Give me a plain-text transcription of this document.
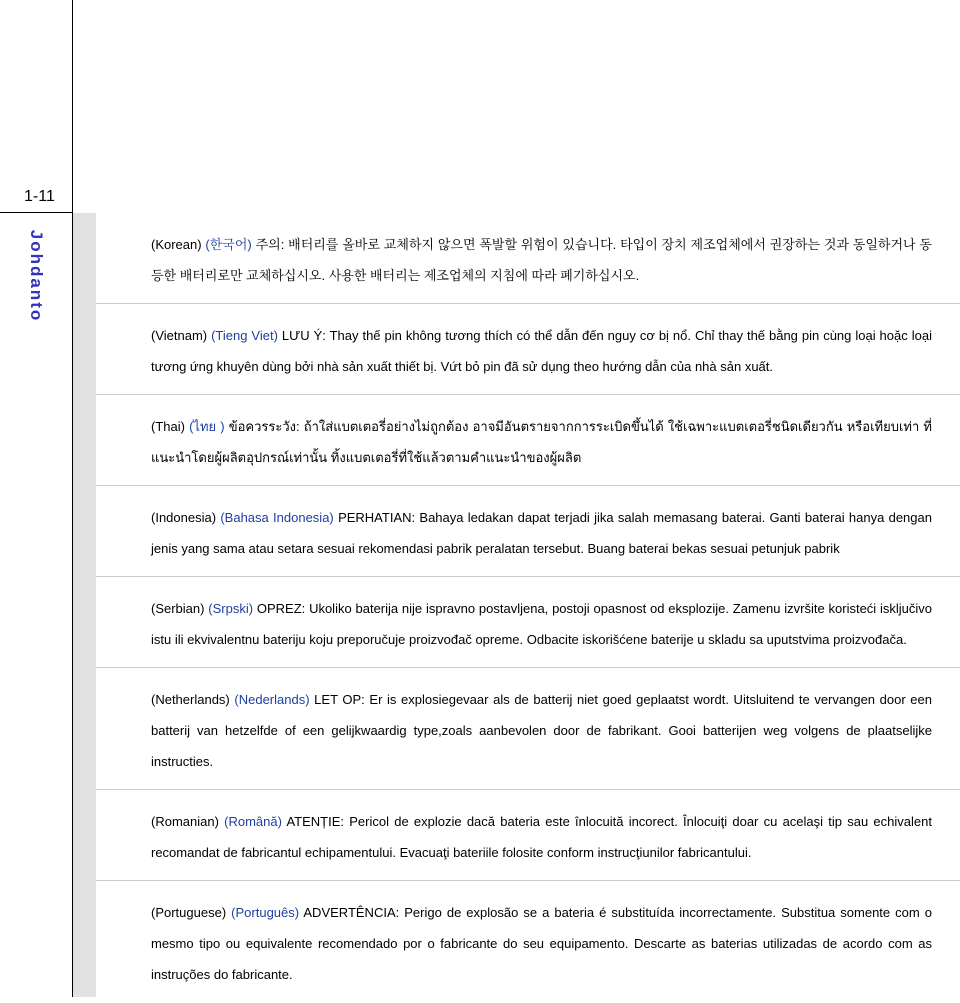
1-11
Johdanto	(Korean) (한국어) 주의: 배터리를 올바로 교체하지 않으면 폭발할 위험이 있습니다. 타입이 장치 제조업체에서 권장하는 것과 동일하거나 동등한 배터리로만 교체하십시오. 사용한 배터리는 제조업체의 지침에 따라 폐기하십시오.

(Vietnam) (Tieng Viet) LƯU Ý: Thay thế pin không tương thích có thể dẫn đến nguy cơ bị nổ. Chỉ thay thế bằng pin cùng loại hoặc loại tương ứng khuyên dùng bởi nhà sản xuất thiết bị. Vứt bỏ pin đã sử dụng theo hướng dẫn của nhà sản xuất.

(Thai) (ไทย ) ข้อควรระวัง: ถ้าใส่แบตเตอรี่อย่างไม่ถูกต้อง อาจมีอันตรายจากการระเบิดขึ้นได้ ใช้เฉพาะแบตเตอรี่ชนิดเดียวกัน หรือเทียบเท่า ที่แนะนำโดยผู้ผลิตอุปกรณ์เท่านั้น ทิ้งแบตเตอรี่ที่ใช้แล้วตามคำแนะนำของผู้ผลิต

(Indonesia) (Bahasa Indonesia) PERHATIAN: Bahaya ledakan dapat terjadi jika salah memasang baterai. Ganti baterai hanya dengan jenis yang sama atau setara sesuai rekomendasi pabrik peralatan tersebut. Buang baterai bekas sesuai petunjuk pabrik

(Serbian) (Srpski) OPREZ: Ukoliko baterija nije ispravno postavljena, postoji opasnost od eksplozije. Zamenu izvršite koristeći isključivo istu ili ekvivalentnu bateriju koju preporučuje proizvođač opreme. Odbacite iskorišćene baterije u skladu sa uputstvima proizvođača.

(Netherlands) (Nederlands) LET OP: Er is explosiegevaar als de batterij niet goed geplaatst wordt. Uitsluitend te vervangen door een batterij van hetzelfde of een gelijkwaardig type,zoals aanbevolen door de fabrikant. Gooi batterijen weg volgens de plaatselijke instructies.

(Romanian) (Română) ATENȚIE: Pericol de explozie dacă bateria este înlocuită incorect. Înlocuiţi doar cu acelaşi tip sau echivalent recomandat de fabricantul echipamentului. Evacuaţi bateriile folosite conform instrucţiunilor fabricantului.

(Portuguese) (Português) ADVERTÊNCIA: Perigo de explosão se a bateria é substituída incorrectamente. Substitua somente com o mesmo tipo ou equivalente recomendado por o fabricante do seu equipamento. Descarte as baterias utilizadas de acordo com as instruções do fabricante.
